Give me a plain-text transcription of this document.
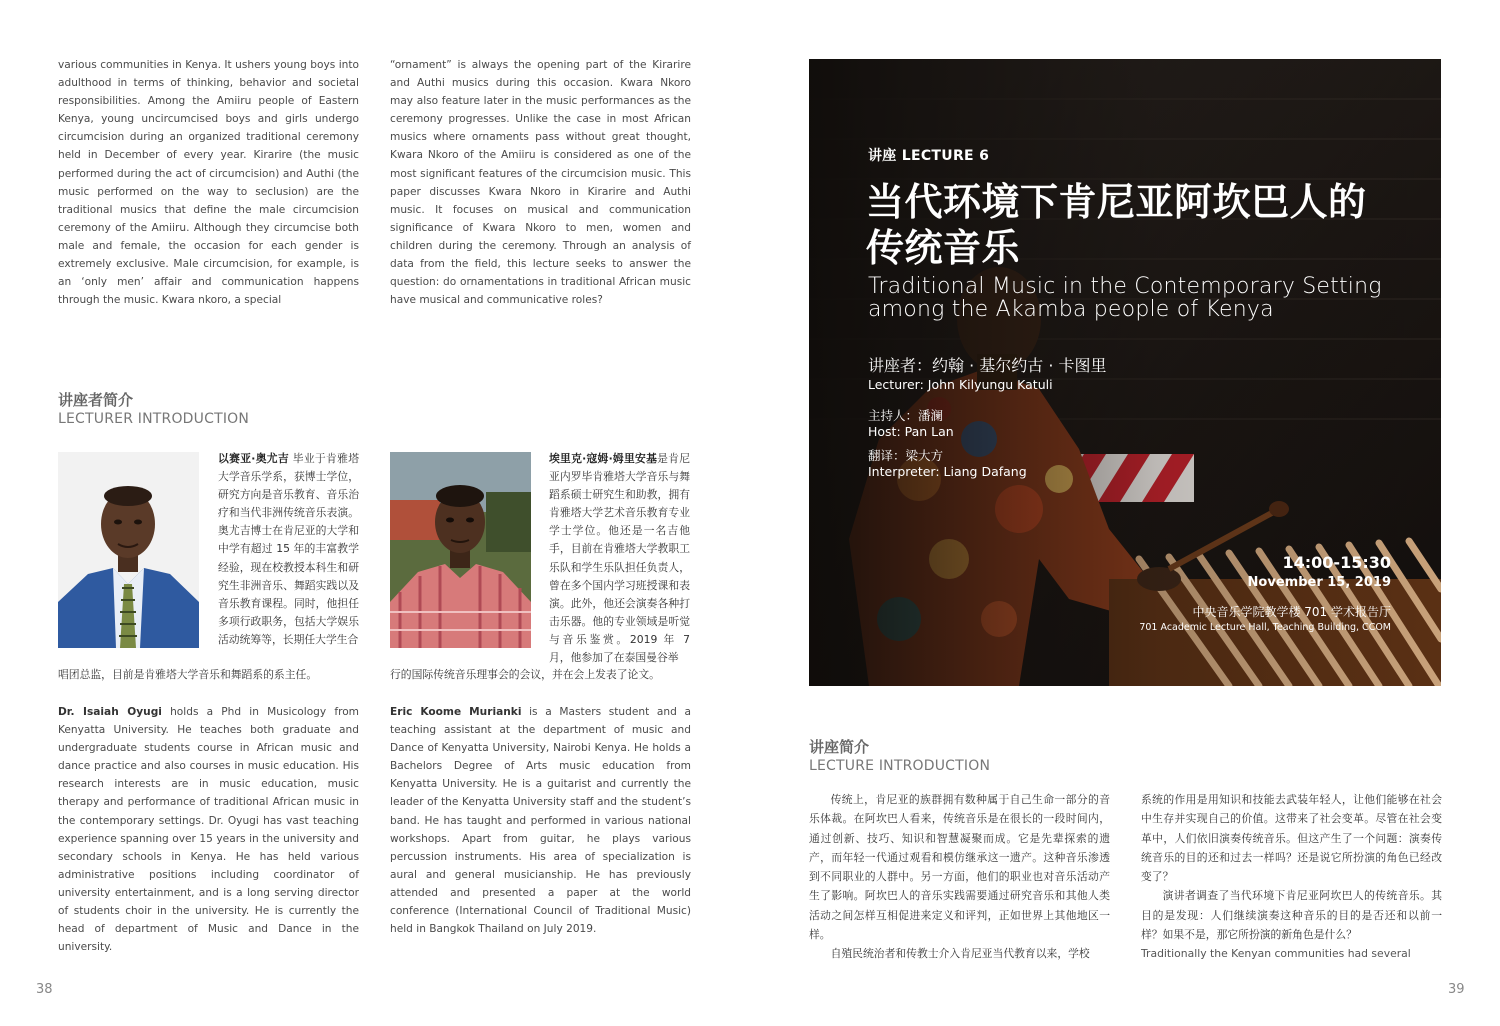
various communities in Kenya. It ushers young boys into adulthood in terms of thinking, behavior and societal responsibilities. Among the Amiiru people of Eastern Kenya, young uncircumcised boys and girls undergo circumcision during an organized traditional ceremony held in December of every year. Kirarire (the music performed during the act of circumcision) and Authi (the music performed on the way to seclusion) are the traditional musics that define the male circumcision ceremony of the Amiiru. Although they circumcise both male and female, the occasion for each gender is extremely exclusive. Male circumcision, for example, is an ‘only men’ affair and communication happens through the music. Kwara nkoro, a special
“ornament” is always the opening part of the Kirarire and Authi musics during this occasion. Kwara Nkoro may also feature later in the music performances as the ceremony progresses. Unlike the case in most African musics where ornaments pass without great thought, Kwara Nkoro of the Amiiru is considered as one of the most significant features of the circumcision music. This paper discusses Kwara Nkoro in Kirarire and Authi music. It focuses on musical and communication significance of Kwara Nkoro to men, women and children during the ceremony. Through an analysis of data from the field, this lecture seeks to answer the question: do ornamentations in traditional African music have musical and communicative roles?
讲座者简介
LECTURER INTRODUCTION
以赛亚·奥尤吉 毕业于肯雅塔大学音乐学系，获博士学位，研究方向是音乐教育、音乐治疗和当代非洲传统音乐表演。奥尤吉博士在肯尼亚的大学和中学有超过 15 年的丰富教学经验，现在校教授本科生和研究生非洲音乐、舞蹈实践以及音乐教育课程。同时，他担任多项行政职务，包括大学娱乐活动统筹等，长期任大学生合
唱团总监，目前是肯雅塔大学音乐和舞蹈系的系主任。
埃里克·寇姆·姆里安基是肯尼亚内罗毕肯雅塔大学音乐与舞蹈系硕士研究生和助教，拥有肯雅塔大学艺术音乐教育专业学士学位。他还是一名吉他手，目前在肯雅塔大学教职工乐队和学生乐队担任负责人，曾在多个国内学习班授课和表演。此外，他还会演奏各种打击乐器。他的专业领域是听觉与音乐鉴赏。2019 年 7 月，他参加了在泰国曼谷举
行的国际传统音乐理事会的会议，并在会上发表了论文。
Dr. Isaiah Oyugi holds a Phd in Musicology from Kenyatta University. He teaches both graduate and undergraduate students course in African music and dance practice and also courses in music education. His research interests are in music education, music therapy and performance of traditional African music in the contemporary settings. Dr. Oyugi has vast teaching experience spanning over 15 years in the university and secondary schools in Kenya. He has held various administrative positions including coordinator of university entertainment, and is a long serving director of students choir in the university. He is currently the head of department of Music and Dance in the university.
Eric Koome Murianki is a Masters student and a teaching assistant at the department of music and Dance of Kenyatta University, Nairobi Kenya. He holds a Bachelors Degree of Arts music education from Kenyatta University. He is a guitarist and currently the leader of the Kenyatta University staff and the student’s band. He has taught and performed in various national workshops. Apart from guitar, he plays various percussion instruments. His area of specialization is aural and general musicianship. He has previously attended and presented a paper at the world conference (International Council of Traditional Music) held in Bangkok Thailand on July 2019.
38
讲座 LECTURE 6
当代环境下肯尼亚阿坎巴人的
传统音乐
Traditional Music in the Contemporary Setting
among the Akamba people of Kenya
讲座者：约翰 · 基尔约古 · 卡图里
Lecturer: John Kilyungu Katuli
主持人：潘澜
Host: Pan Lan
翻译：梁大方
Interpreter: Liang Dafang
14:00-15:30
November 15, 2019
中央音乐学院教学楼 701 学术报告厅
701 Academic Lecture Hall, Teaching Building, CCOM
讲座简介
LECTURE INTRODUCTION

传统上，肯尼亚的族群拥有数种属于自己生命一部分的音乐体裁。在阿坎巴人看来，传统音乐是在很长的一段时间内，通过创新、技巧、知识和智慧凝聚而成。它是先辈探索的遗产，而年轻一代通过观看和模仿继承这一遗产。这种音乐渗透到不同职业的人群中。另一方面，他们的职业也对音乐活动产生了影响。阿坎巴人的音乐实践需要通过研究音乐和其他人类活动之间怎样互相促进来定义和评判，正如世界上其他地区一样。

自殖民统治者和传教士介入肯尼亚当代教育以来，学校

系统的作用是用知识和技能去武装年轻人，让他们能够在社会中生存并实现自己的价值。这带来了社会变革。尽管在社会变革中，人们依旧演奏传统音乐。但这产生了一个问题：演奏传统音乐的目的还和过去一样吗？还是说它所扮演的角色已经改变了？

演讲者调查了当代环境下肯尼亚阿坎巴人的传统音乐。其目的是发现：人们继续演奏这种音乐的目的是否还和以前一样？如果不是，那它所扮演的新角色是什么？

Traditionally the Kenyan communities had several

39
